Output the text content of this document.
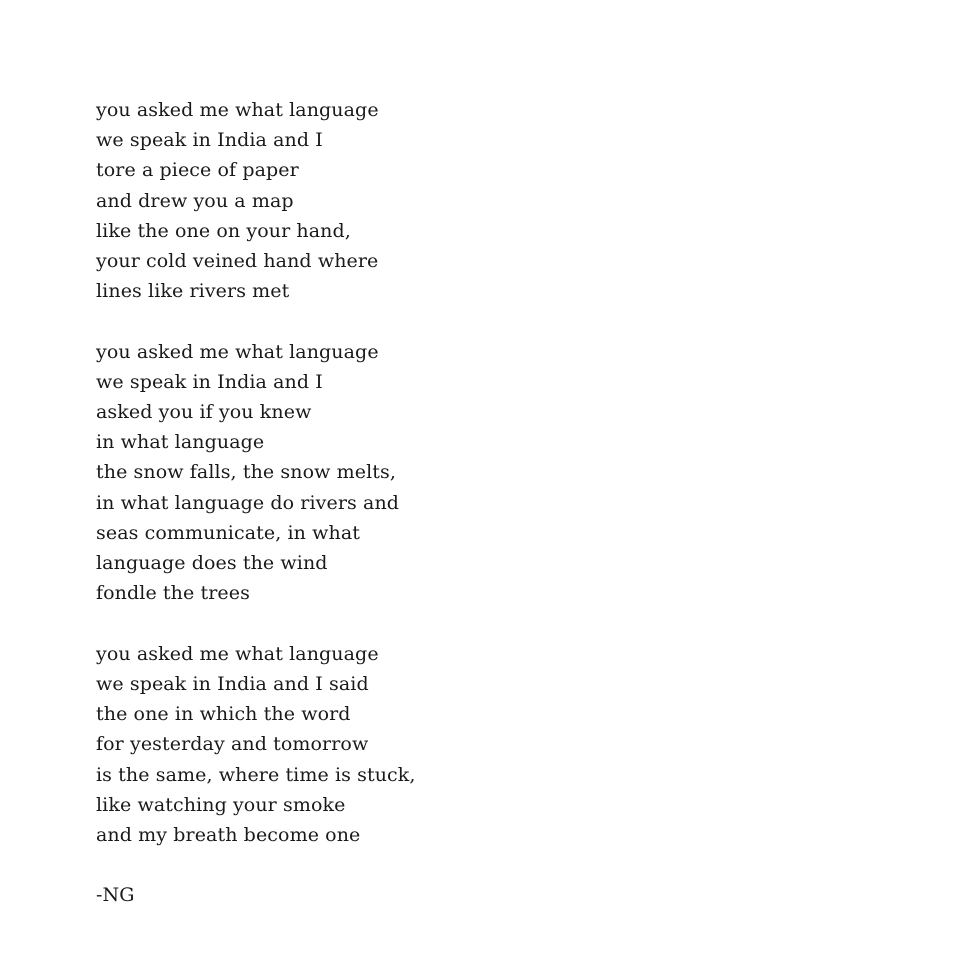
you asked me what language
we speak in India and I
tore a piece of paper
and drew you a map
like the one on your hand,
your cold veined hand where
lines like rivers met
you asked me what language
we speak in India and I
asked you if you knew
in what language
the snow falls, the snow melts,
in what language do rivers and
seas communicate, in what
language does the wind
fondle the trees
you asked me what language
we speak in India and I said
the one in which the word
for yesterday and tomorrow
is the same, where time is stuck,
like watching your smoke
and my breath become one
-NG
